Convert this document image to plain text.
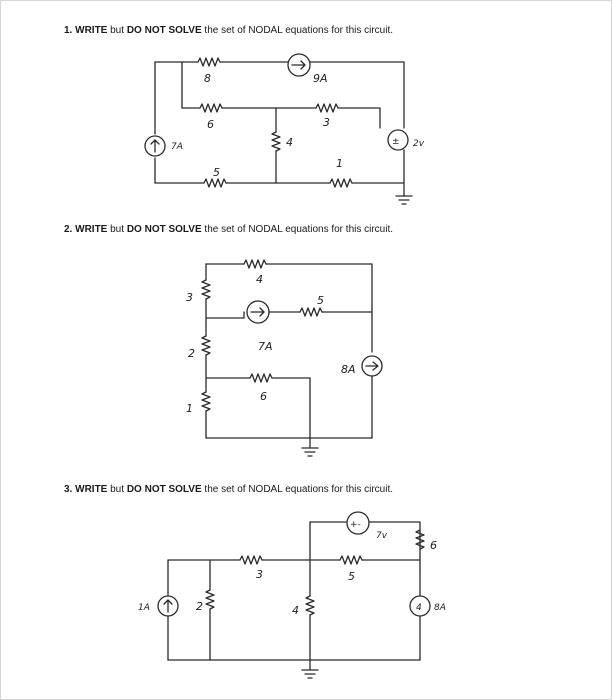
1. WRITE but DO NOT SOLVE the set of NODAL equations for this circuit.
2. WRITE but DO NOT SOLVE the set of NODAL equations for this circuit.
3. WRITE but DO NOT SOLVE the set of NODAL equations for this circuit.
±
8	9A
6	3
7A	4	2v
5
1
4
3	5
7A
2
8A
6
1
+-
4
7v
6
3	5
1A	2	4	8A
